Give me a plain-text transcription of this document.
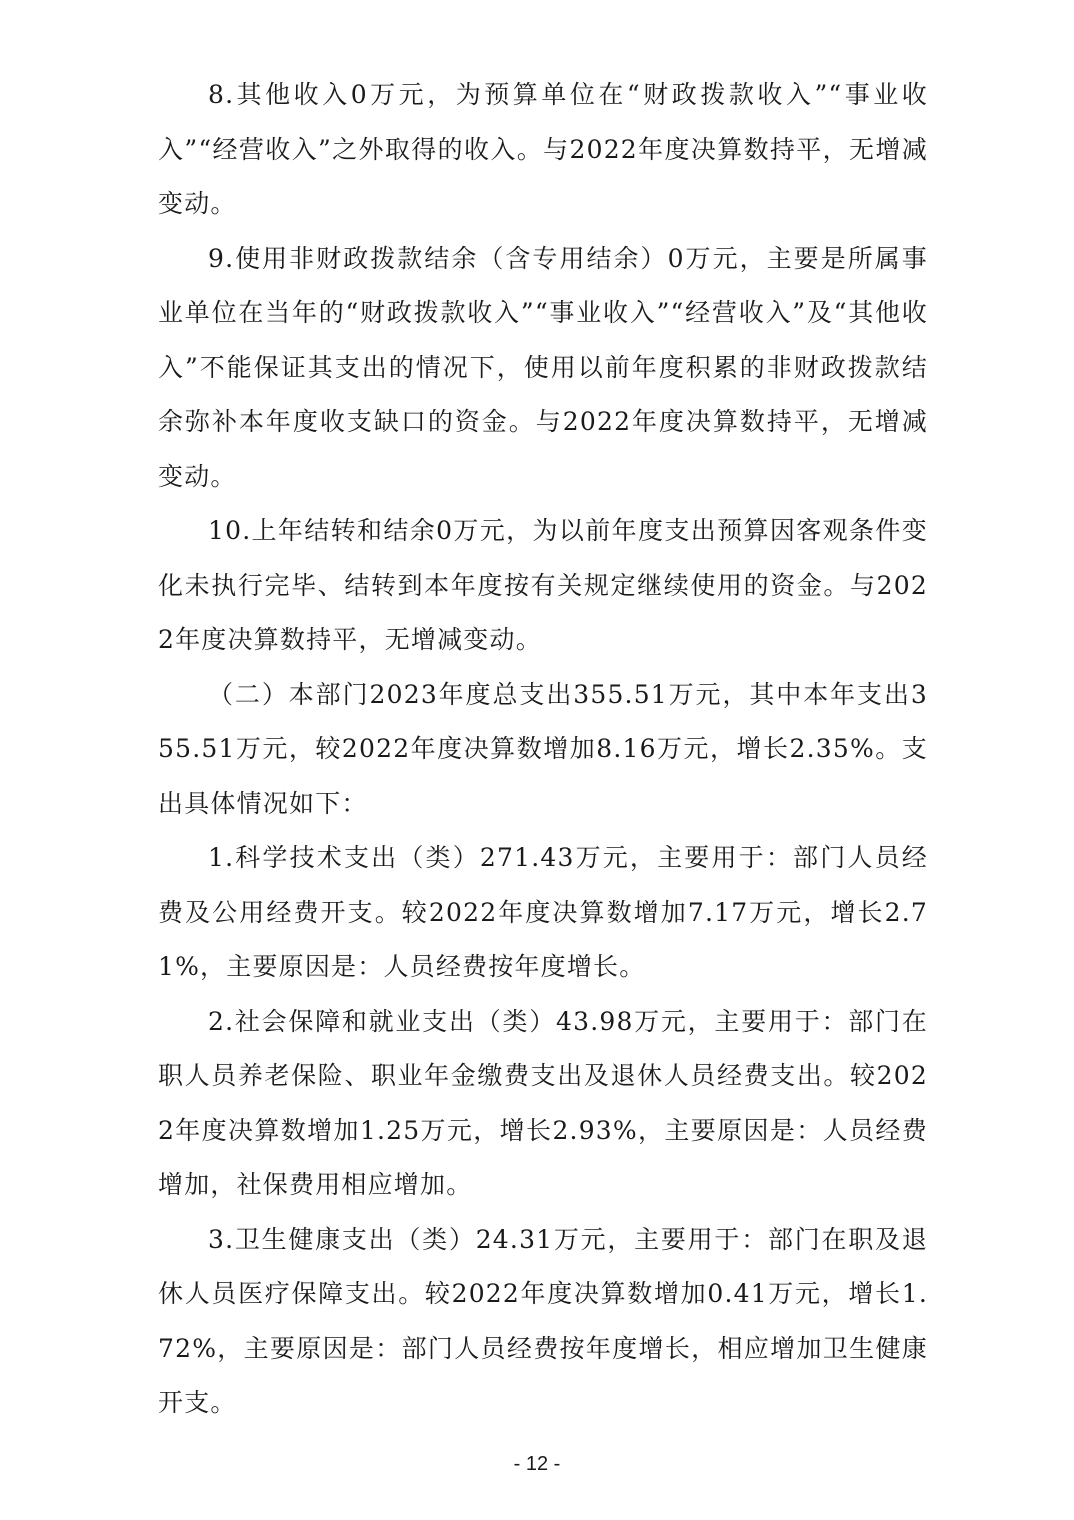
8.其他收入0万元，为预算单位在“财政拨款收入”“事业收入”“经营收入”之外取得的收入。与2022年度决算数持平，无增减变动。

9.使用非财政拨款结余（含专用结余）0万元，主要是所属事业单位在当年的“财政拨款收入”“事业收入”“经营收入”及“其他收入”不能保证其支出的情况下，使用以前年度积累的非财政拨款结余弥补本年度收支缺口的资金。与2022年度决算数持平，无增减变动。

10.上年结转和结余0万元，为以前年度支出预算因客观条件变化未执行完毕、结转到本年度按有关规定继续使用的资金。与2022年度决算数持平，无增减变动。

（二）本部门2023年度总支出355.51万元，其中本年支出355.51万元，较2022年度决算数增加8.16万元，增长2.35%。支出具体情况如下：

1.科学技术支出（类）271.43万元，主要用于：部门人员经费及公用经费开支。较2022年度决算数增加7.17万元，增长2.71%，主要原因是：人员经费按年度增长。

2.社会保障和就业支出（类）43.98万元，主要用于：部门在职人员养老保险、职业年金缴费支出及退休人员经费支出。较2022年度决算数增加1.25万元，增长2.93%，主要原因是：人员经费增加，社保费用相应增加。

3.卫生健康支出（类）24.31万元，主要用于：部门在职及退休人员医疗保障支出。较2022年度决算数增加0.41万元，增长1.72%，主要原因是：部门人员经费按年度增长，相应增加卫生健康开支。

- 12 -
